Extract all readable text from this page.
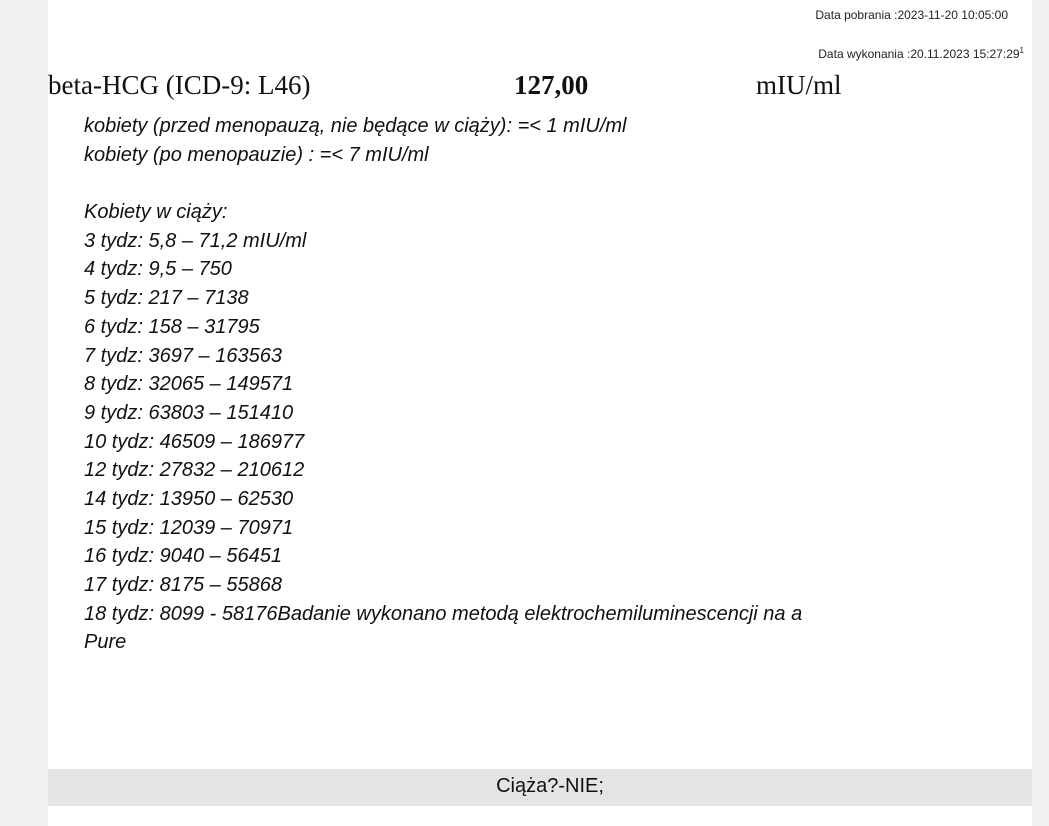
Data pobrania :2023-11-20 10:05:00
Data wykonania :20.11.2023 $15:27:29^1$
beta-HCG (ICD-9: L46)	127,00	mIU/ml
kobiety (przed menopauzą, nie będące w ciąży): =< 1 mIU/ml
kobiety (po menopauzie) : =< 7 mIU/ml
Kobiety w ciąży:
3 tydz: 5,8 – 71,2 mIU/ml
4 tydz: 9,5 – 750
5 tydz: 217 – 7138
6 tydz: 158 – 31795
7 tydz: 3697 – 163563
8 tydz: 32065 – 149571
9 tydz: 63803 – 151410
10 tydz: 46509 – 186977
12 tydz: 27832 – 210612
14 tydz: 13950 – 62530
15 tydz: 12039 – 70971
16 tydz: 9040 – 56451
17 tydz: 8175 – 55868
18 tydz: 8099 - 58176Badanie wykonano metodą elektrochemiluminescencji na a
Pure
Ciąża?-NIE;
